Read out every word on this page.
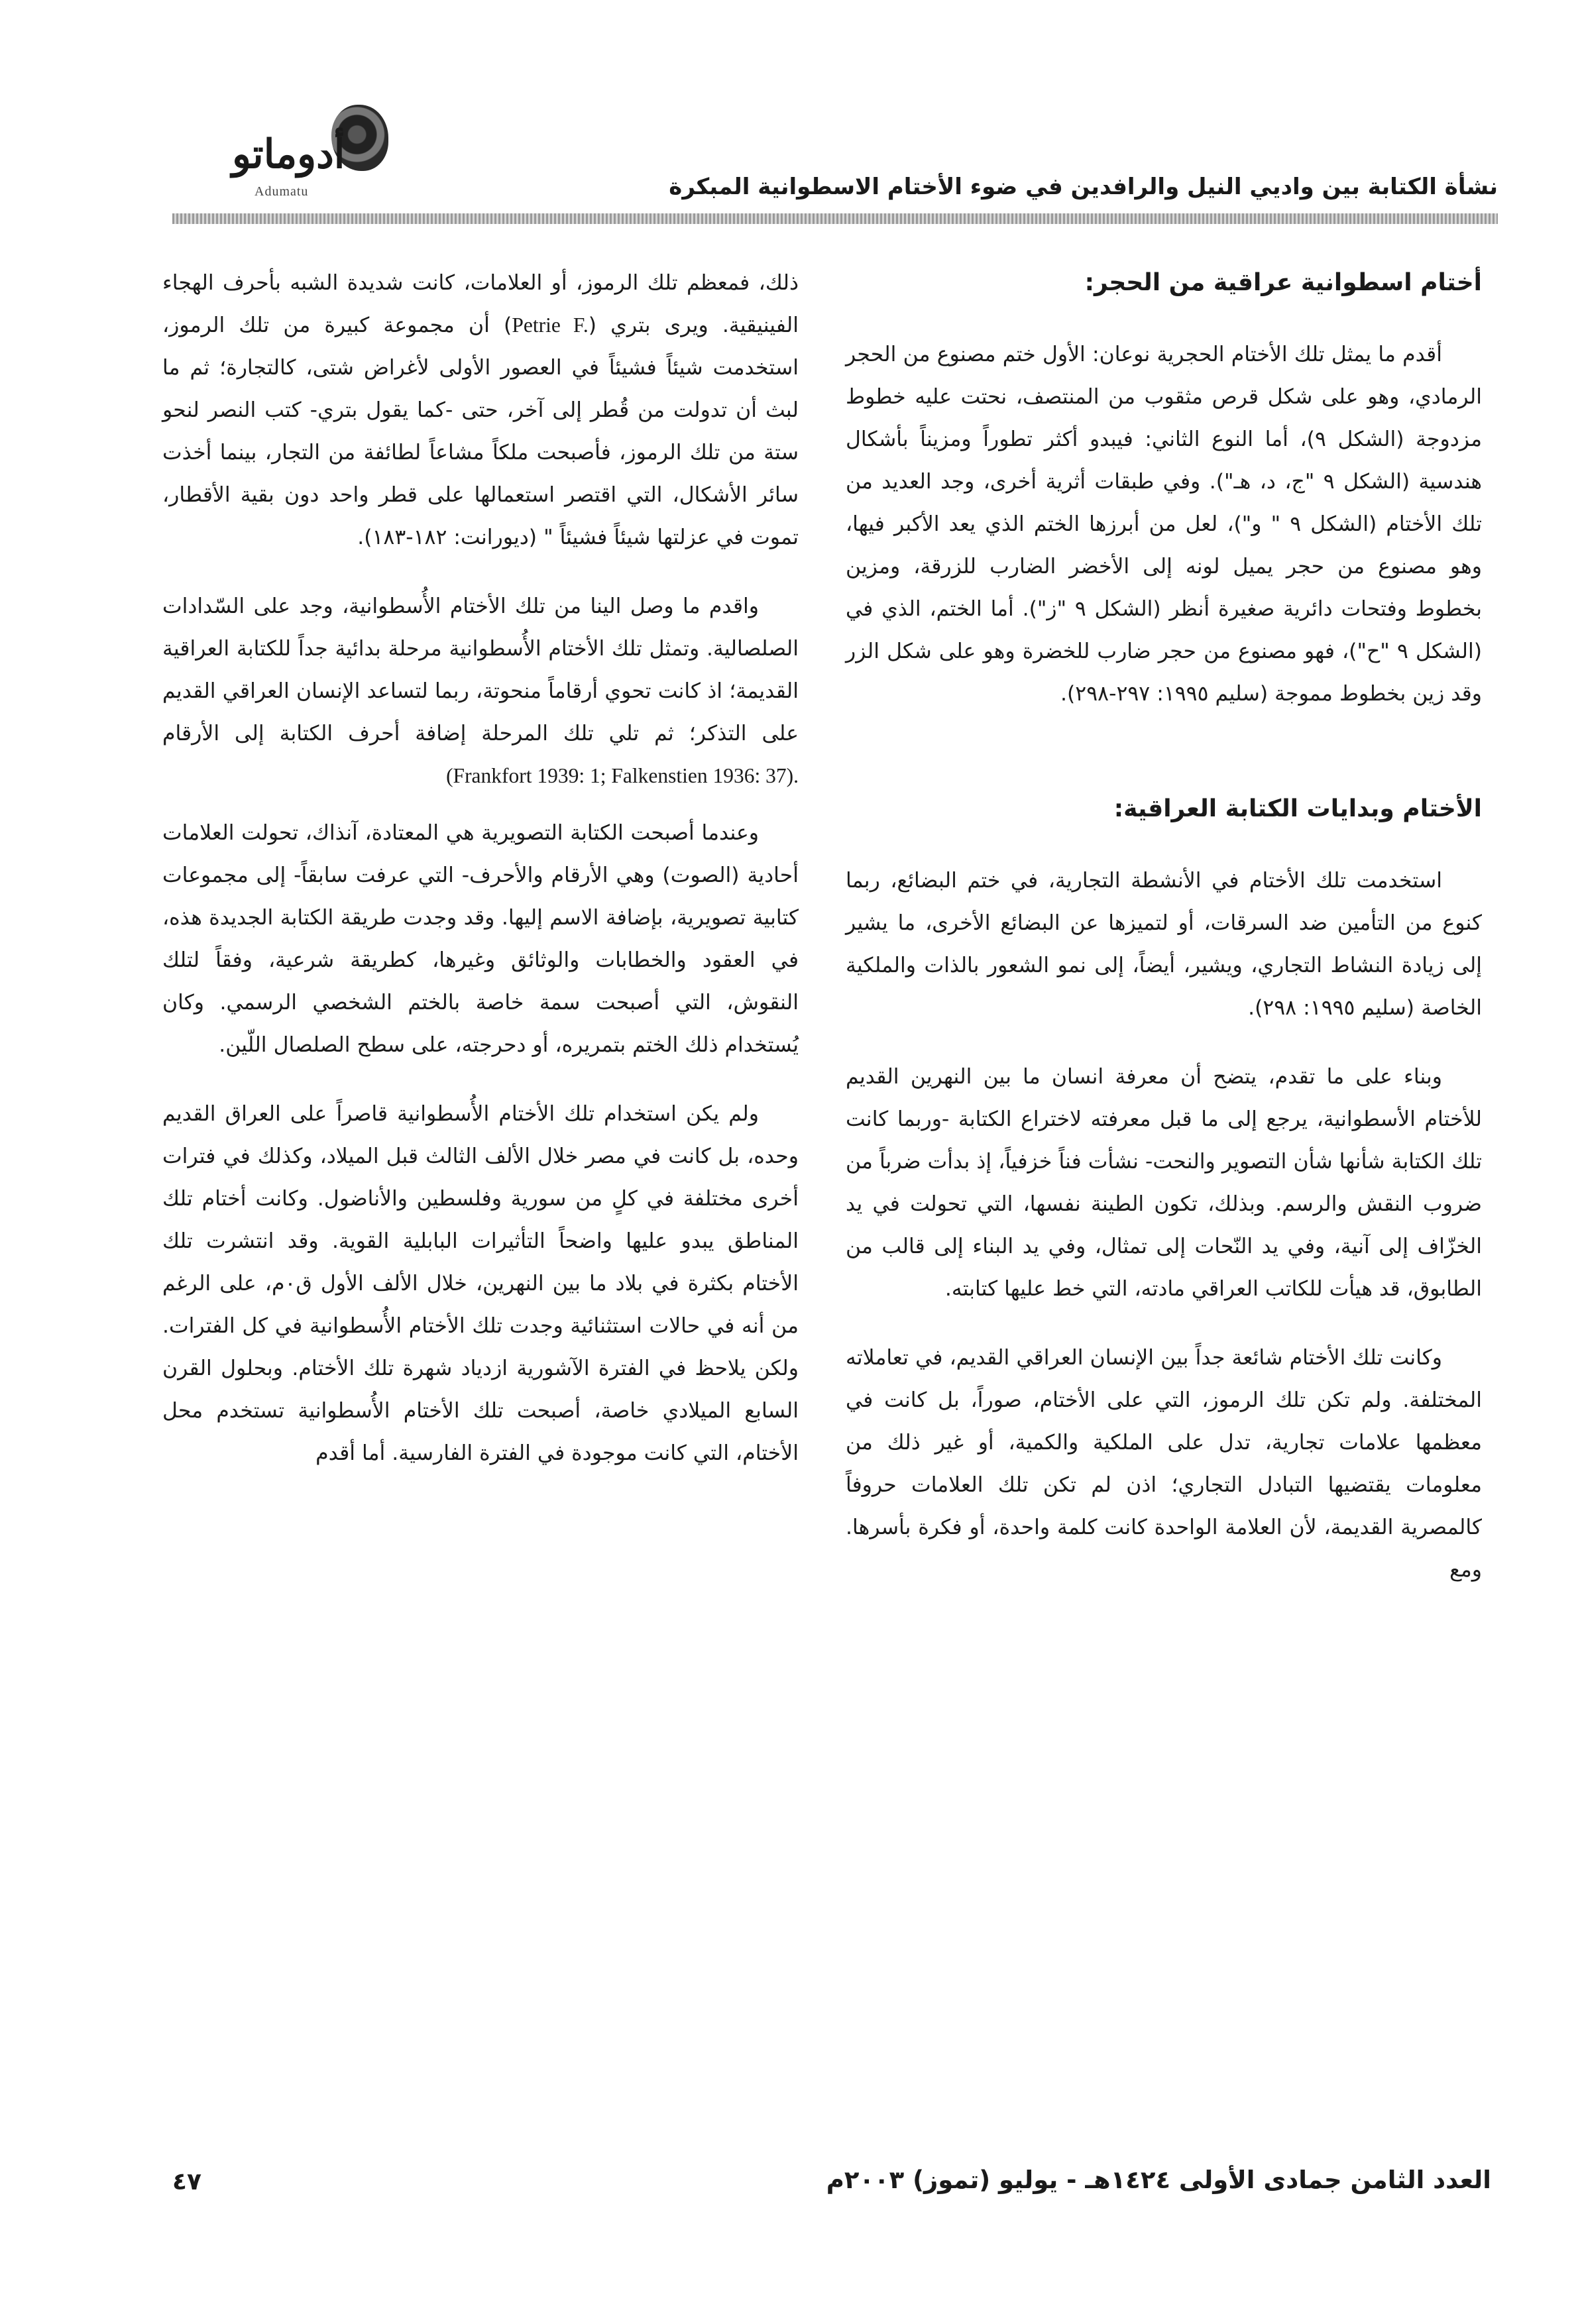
أدوماتو
Adumatu	نشأة الكتابة بين واديي النيل والرافدين في ضوء الأختام الاسطوانية المبكرة
أختام اسطوانية عراقية من الحجر:

أقدم ما يمثل تلك الأختام الحجرية نوعان: الأول ختم مصنوع من الحجر الرمادي، وهو على شكل قرص مثقوب من المنتصف، نحتت عليه خطوط مزدوجة (الشكل ٩)، أما النوع الثاني: فيبدو أكثر تطوراً ومزيناً بأشكال هندسية (الشكل ٩ "ج، د، هـ"). وفي طبقات أثرية أخرى، وجد العديد من تلك الأختام (الشكل ٩ " و")، لعل من أبرزها الختم الذي يعد الأكبر فيها، وهو مصنوع من حجر يميل لونه إلى الأخضر الضارب للزرقة، ومزين بخطوط وفتحات دائرية صغيرة أنظر (الشكل ٩ "ز"). أما الختم، الذي في (الشكل ٩ "ح")، فهو مصنوع من حجر ضارب للخضرة وهو على شكل الزر وقد زين بخطوط مموجة (سليم ١٩٩٥: ٢٩٧-٢٩٨).

الأختام وبدايات الكتابة العراقية:

استخدمت تلك الأختام في الأنشطة التجارية، في ختم البضائع، ربما كنوع من التأمين ضد السرقات، أو لتميزها عن البضائع الأخرى، ما يشير إلى زيادة النشاط التجاري، ويشير، أيضاً، إلى نمو الشعور بالذات والملكية الخاصة (سليم ١٩٩٥: ٢٩٨).

وبناء على ما تقدم، يتضح أن معرفة انسان ما بين النهرين القديم للأختام الأسطوانية، يرجع إلى ما قبل معرفته لاختراع الكتابة -وربما كانت تلك الكتابة شأنها شأن التصوير والنحت- نشأت فناً خزفياً، إذ بدأت ضرباً من ضروب النقش والرسم. وبذلك، تكون الطينة نفسها، التي تحولت في يد الخزّاف إلى آنية، وفي يد النّحات إلى تمثال، وفي يد البناء إلى قالب من الطابوق، قد هيأت للكاتب العراقي مادته، التي خط عليها كتابته.

وكانت تلك الأختام شائعة جداً بين الإنسان العراقي القديم، في تعاملاته المختلفة. ولم تكن تلك الرموز، التي على الأختام، صوراً، بل كانت في معظمها علامات تجارية، تدل على الملكية والكمية، أو غير ذلك من معلومات يقتضيها التبادل التجاري؛ اذن لم تكن تلك العلامات حروفاً كالمصرية القديمة، لأن العلامة الواحدة كانت كلمة واحدة، أو فكرة بأسرها. ومع

ذلك، فمعظم تلك الرموز، أو العلامات، كانت شديدة الشبه بأحرف الهجاء الفينيقية. ويرى بتري (Petrie F.) أن مجموعة كبيرة من تلك الرموز، استخدمت شيئاً فشيئاً في العصور الأولى لأغراض شتى، كالتجارة؛ ثم ما لبث أن تدولت من قُطر إلى آخر، حتى -كما يقول بتري- كتب النصر لنحو ستة من تلك الرموز، فأصبحت ملكاً مشاعاً لطائفة من التجار، بينما أخذت سائر الأشكال، التي اقتصر استعمالها على قطر واحد دون بقية الأقطار، تموت في عزلتها شيئاً فشيئاً " (ديورانت: ١٨٢-١٨٣).

واقدم ما وصل الينا من تلك الأختام الأُسطوانية، وجد على السّدادات الصلصالية. وتمثل تلك الأختام الأُسطوانية مرحلة بدائية جداً للكتابة العراقية القديمة؛ اذ كانت تحوي أرقاماً منحوتة، ربما لتساعد الإنسان العراقي القديم على التذكر؛ ثم تلي تلك المرحلة إضافة أحرف الكتابة إلى الأرقام (Frankfort 1939: 1; Falkenstien 1936: 37).

وعندما أصبحت الكتابة التصويرية هي المعتادة، آنذاك، تحولت العلامات أحادية (الصوت) وهي الأرقام والأحرف- التي عرفت سابقاً- إلى مجموعات كتابية تصويرية، بإضافة الاسم إليها. وقد وجدت طريقة الكتابة الجديدة هذه، في العقود والخطابات والوثائق وغيرها، كطريقة شرعية، وفقاً لتلك النقوش، التي أصبحت سمة خاصة بالختم الشخصي الرسمي. وكان يُستخدام ذلك الختم بتمريره، أو دحرجته، على سطح الصلصال اللّين.

ولم يكن استخدام تلك الأختام الأُسطوانية قاصراً على العراق القديم وحده، بل كانت في مصر خلال الألف الثالث قبل الميلاد، وكذلك في فترات أخرى مختلفة في كلٍ من سورية وفلسطين والأناضول. وكانت أختام تلك المناطق يبدو عليها واضحاً التأثيرات البابلية القوية. وقد انتشرت تلك الأختام بكثرة في بلاد ما بين النهرين، خلال الألف الأول ق٠م، على الرغم من أنه في حالات استثنائية وجدت تلك الأختام الأُسطوانية في كل الفترات. ولكن يلاحظ في الفترة الآشورية ازدياد شهرة تلك الأختام. وبحلول القرن السابع الميلادي خاصة، أصبحت تلك الأختام الأُسطوانية تستخدم محل الأختام، التي كانت موجودة في الفترة الفارسية. أما أقدم

العدد الثامن جمادى الأولى ١٤٢٤هـ - يوليو (تموز) ٢٠٠٣م
٤٧
